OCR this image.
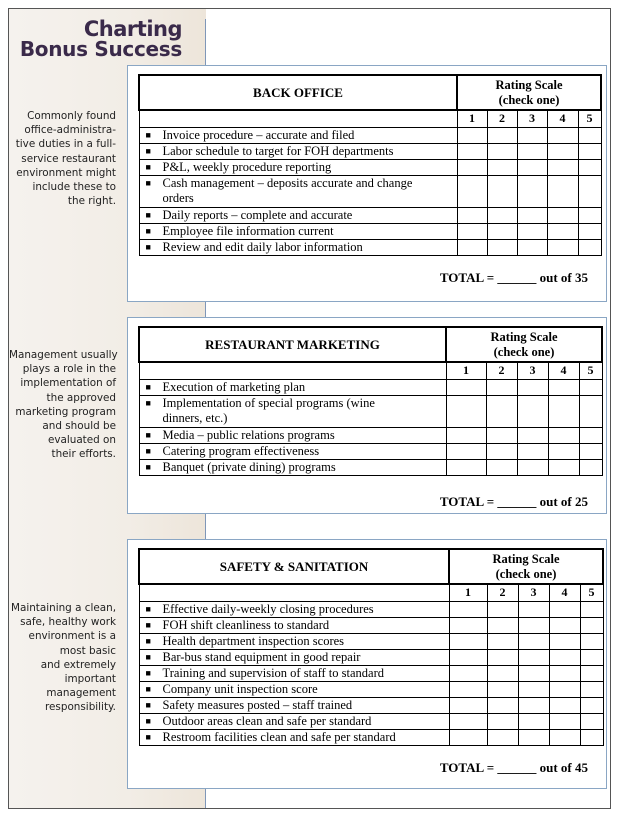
Charting
Bonus Success
Commonly found
office-administra-
tive duties in a full-
service restaurant
environment might
include these to
the right.
Management usually
plays a role in the
implementation of
the approved
marketing program
and should be
evaluated on
their efforts.
Maintaining a clean,
safe, healthy work
environment is a
most basic
and extremely
important
management
responsibility.
BACK OFFICE	Rating Scale
(check one)				

	1	2	3	4	5

■ Invoice procedure – accurate and filed					

■ Labor schedule to target for FOH departments					

■ P&L, weekly procedure reporting					

■ Cash management – deposits accurate and change
orders					

■ Daily reports – complete and accurate					

■ Employee file information current					

■ Review and edit daily labor information					

TOTAL = ______ out of 35
RESTAURANT MARKETING	Rating Scale
(check one)				

	1	2	3	4	5

■ Execution of marketing plan					

■ Implementation of special programs (wine
dinners, etc.)					

■ Media – public relations programs					

■ Catering program effectiveness					

■ Banquet (private dining) programs					

TOTAL = ______ out of 25
SAFETY & SANITATION	Rating Scale
(check one)				

	1	2	3	4	5

■ Effective daily-weekly closing procedures					

■ FOH shift cleanliness to standard					

■ Health department inspection scores					

■ Bar-bus stand equipment in good repair					

■ Training and supervision of staff to standard					

■ Company unit inspection score					

■ Safety measures posted – staff trained					

■ Outdoor areas clean and safe per standard					

■ Restroom facilities clean and safe per standard					

TOTAL = ______ out of 45
